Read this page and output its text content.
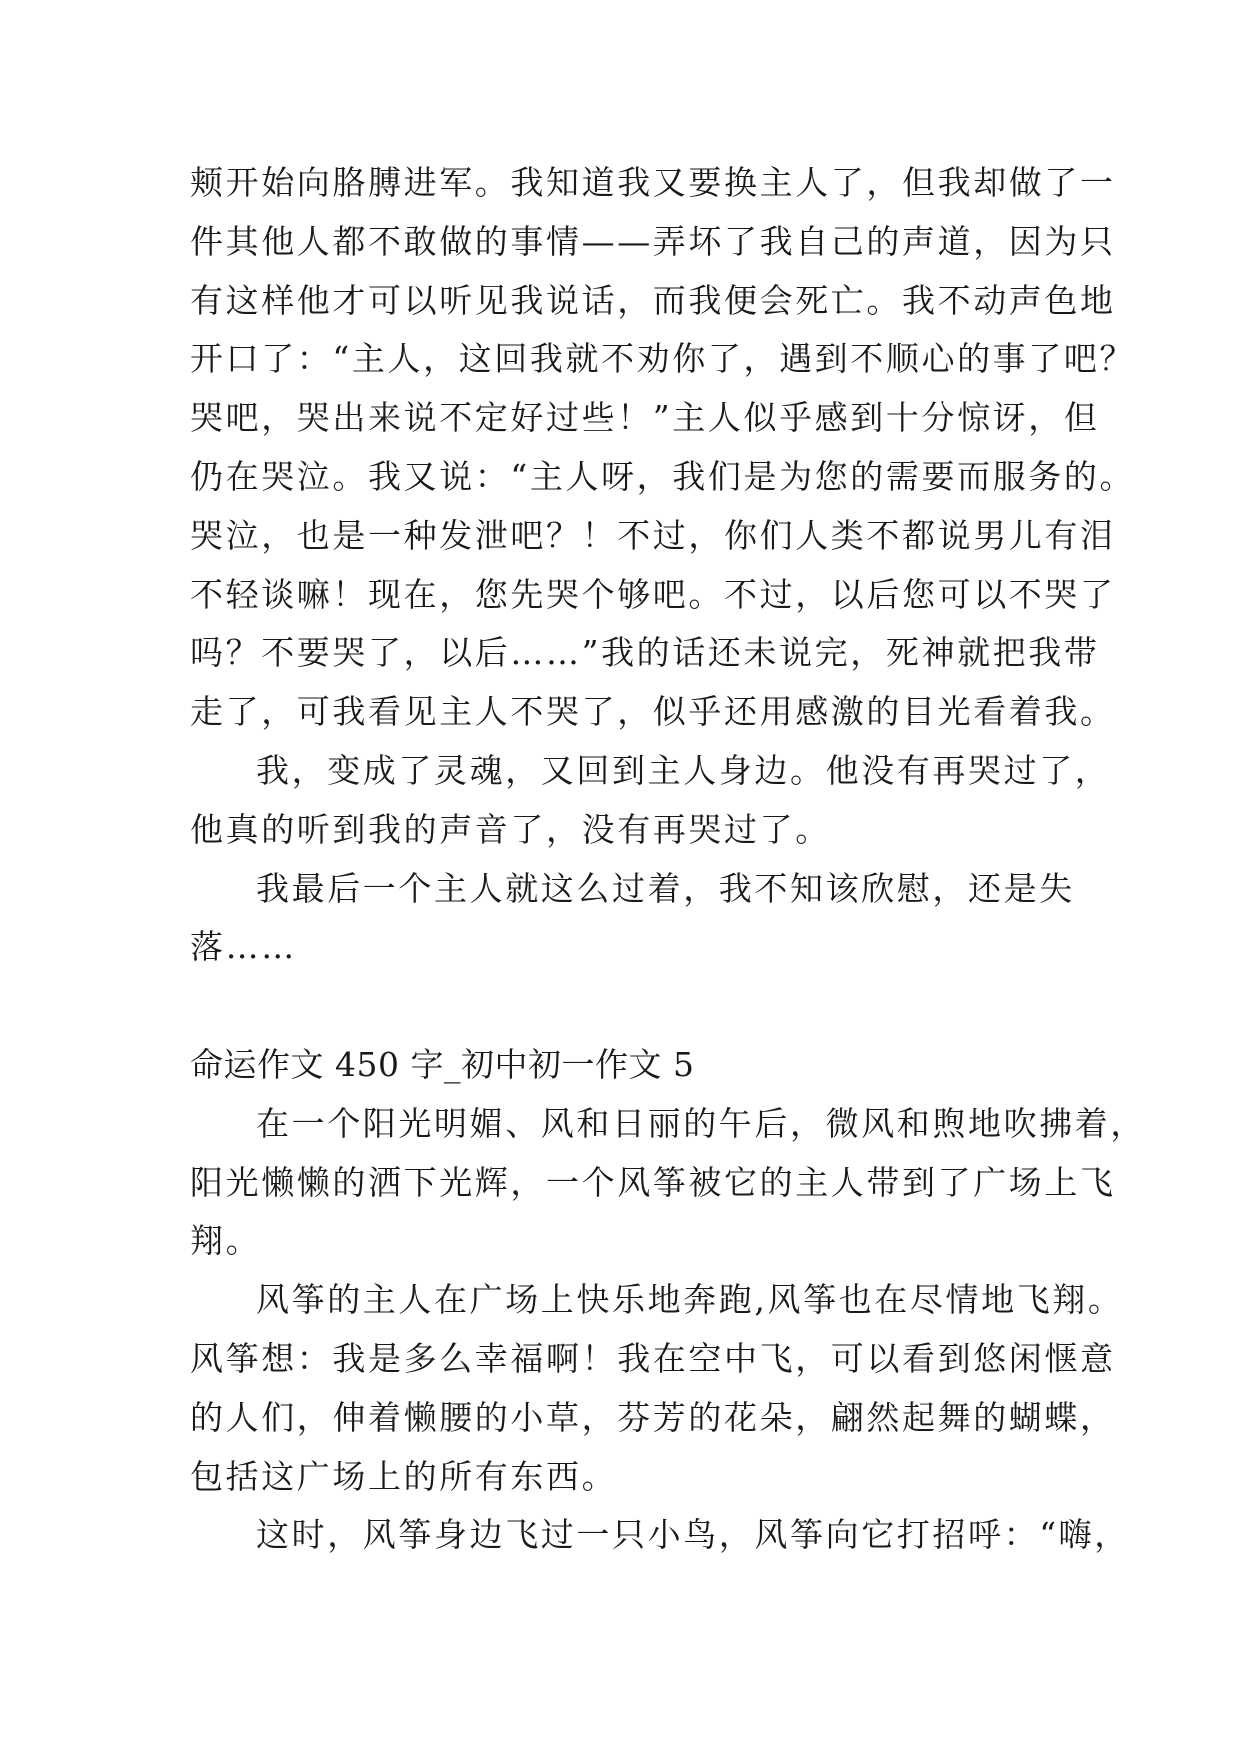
颊开始向胳膊进军。我知道我又要换主人了，但我却做了一
件其他人都不敢做的事情——弄坏了我自己的声道，因为只
有这样他才可以听见我说话，而我便会死亡。我不动声色地
开口了：“主人，这回我就不劝你了，遇到不顺心的事了吧？
哭吧，哭出来说不定好过些！”主人似乎感到十分惊讶，但
仍在哭泣。我又说：“主人呀，我们是为您的需要而服务的。
哭泣，也是一种发泄吧？！不过，你们人类不都说男儿有泪
不轻谈嘛！现在，您先哭个够吧。不过，以后您可以不哭了
吗？不要哭了，以后……”我的话还未说完，死神就把我带
走了，可我看见主人不哭了，似乎还用感激的目光看着我。
我，变成了灵魂，又回到主人身边。他没有再哭过了，
他真的听到我的声音了，没有再哭过了。
我最后一个主人就这么过着，我不知该欣慰，还是失
落……
命运作文 450 字_初中初一作文 5
在一个阳光明媚、风和日丽的午后，微风和煦地吹拂着，
阳光懒懒的洒下光辉，一个风筝被它的主人带到了广场上飞
翔。
风筝的主人在广场上快乐地奔跑,风筝也在尽情地飞翔。
风筝想：我是多么幸福啊！我在空中飞，可以看到悠闲惬意
的人们，伸着懒腰的小草，芬芳的花朵，翩然起舞的蝴蝶，
包括这广场上的所有东西。
这时，风筝身边飞过一只小鸟，风筝向它打招呼：“嗨，
